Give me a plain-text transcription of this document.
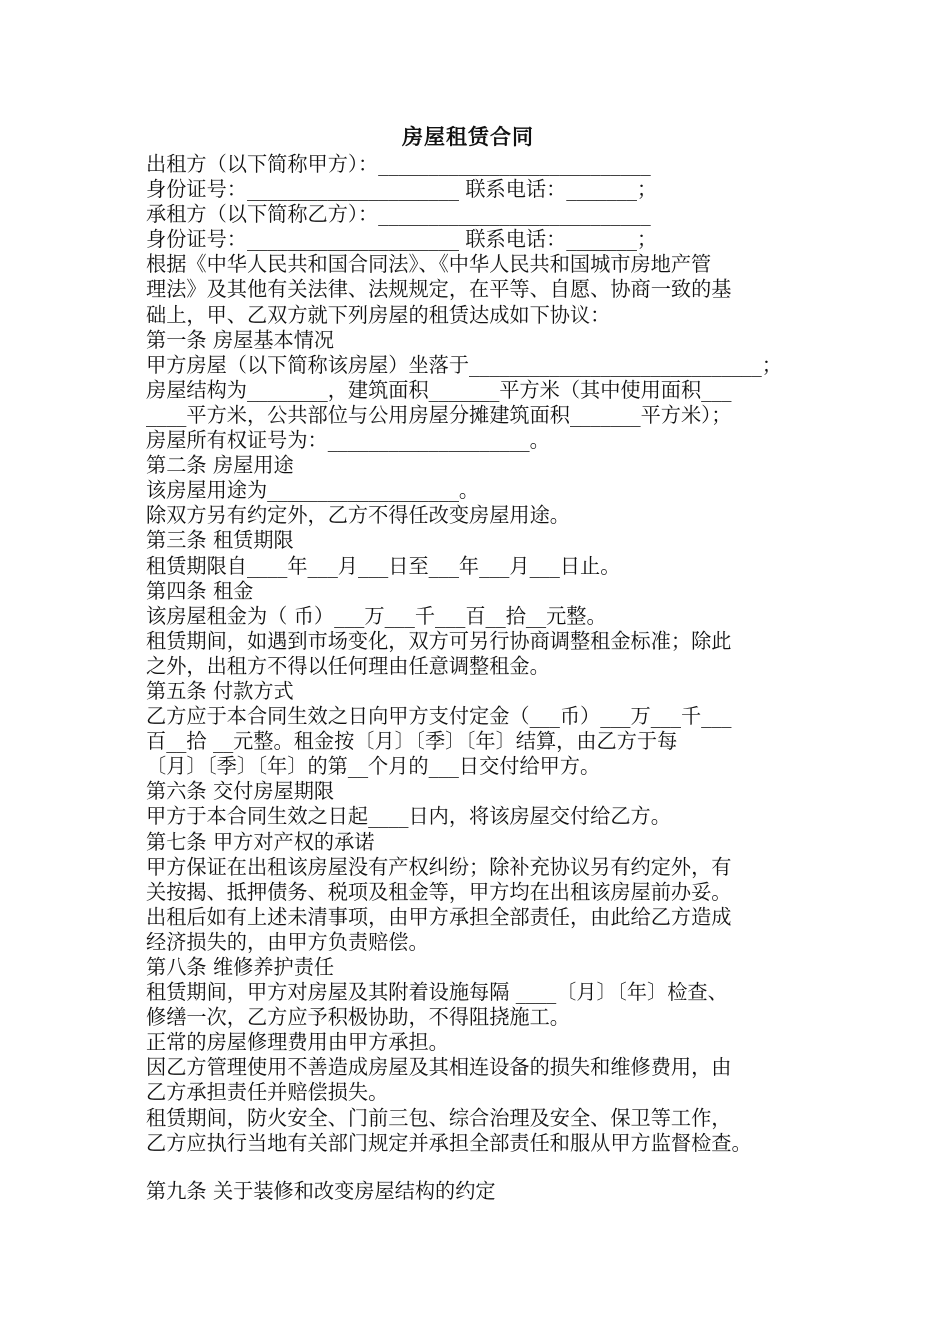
房屋租赁合同
出租方（以下简称甲方）：___________________________
身份证号：_____________________ 联系电话：_______；
承租方（以下简称乙方）：___________________________
身份证号：_____________________ 联系电话：_______；
根据《中华人民共和国合同法》、《中华人民共和国城市房地产管
理法》及其他有关法律、法规规定，在平等、自愿、协商一致的基
础上，甲、乙双方就下列房屋的租赁达成如下协议：
第一条 房屋基本情况
甲方房屋（以下简称该房屋）坐落于_____________________________；
房屋结构为________，建筑面积_______平方米（其中使用面积___
____平方米，公共部位与公用房屋分摊建筑面积_______平方米）；
房屋所有权证号为：____________________。
第二条 房屋用途
该房屋用途为___________________。
除双方另有约定外，乙方不得任改变房屋用途。
第三条 租赁期限
租赁期限自____年___月___日至___年___月___日止。
第四条 租金
该房屋租金为（ 币）___万___千___百__拾__元整。
租赁期间，如遇到市场变化，双方可另行协商调整租金标准；除此
之外，出租方不得以任何理由任意调整租金。
第五条 付款方式
乙方应于本合同生效之日向甲方支付定金（___币）___万___千___
百__拾 __元整。租金按〔月〕〔季〕〔年〕结算，由乙方于每
〔月〕〔季〕〔年〕的第__个月的___日交付给甲方。
第六条 交付房屋期限
甲方于本合同生效之日起____日内，将该房屋交付给乙方。
第七条 甲方对产权的承诺
甲方保证在出租该房屋没有产权纠纷；除补充协议另有约定外，有
关按揭、抵押债务、税项及租金等，甲方均在出租该房屋前办妥。
出租后如有上述未清事项，由甲方承担全部责任，由此给乙方造成
经济损失的，由甲方负责赔偿。
第八条 维修养护责任
租赁期间，甲方对房屋及其附着设施每隔 ____〔月〕〔年〕检查、
修缮一次，乙方应予积极协助，不得阻挠施工。
正常的房屋修理费用由甲方承担。
因乙方管理使用不善造成房屋及其相连设备的损失和维修费用，由
乙方承担责任并赔偿损失。
租赁期间，防火安全、门前三包、综合治理及安全、保卫等工作，
乙方应执行当地有关部门规定并承担全部责任和服从甲方监督检查。
第九条 关于装修和改变房屋结构的约定
